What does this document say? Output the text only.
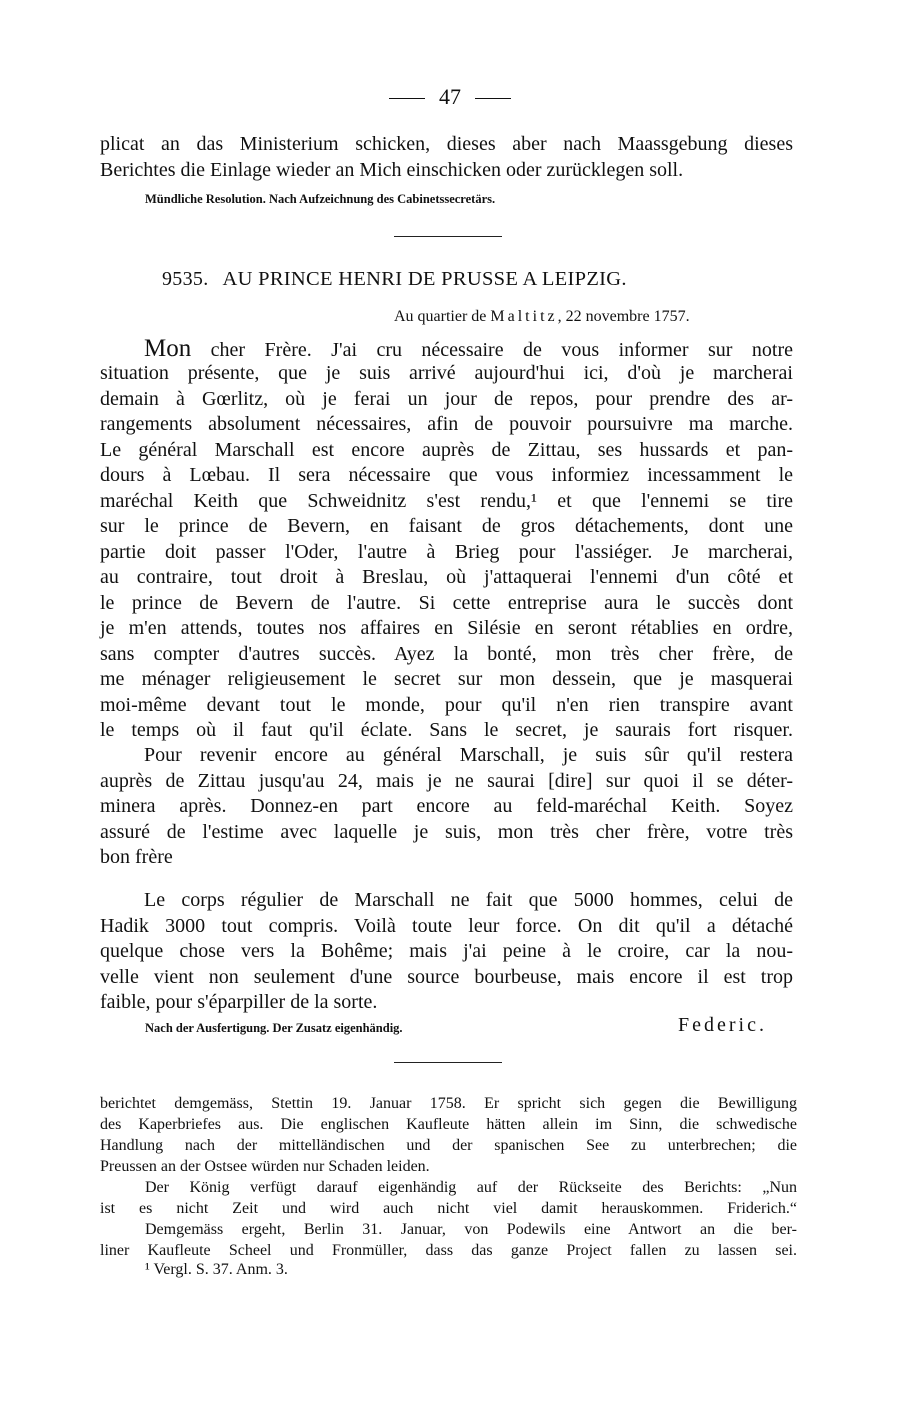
47
plicat an das Ministerium schicken, dieses aber nach Maassgebung dieses
Berichtes die Einlage wieder an Mich einschicken oder zurücklegen soll.
Mündliche Resolution. Nach Aufzeichnung des Cabinetssecretärs.
9535. AU PRINCE HENRI DE PRUSSE A LEIPZIG.
Au quartier de Maltitz, 22 novembre 1757.
Mon cher Frère. J'ai cru nécessaire de vous informer sur notre
situation présente, que je suis arrivé aujourd'hui ici, d'où je marcherai
demain à Gœrlitz, où je ferai un jour de repos, pour prendre des ar-
rangements absolument nécessaires, afin de pouvoir poursuivre ma marche.
Le général Marschall est encore auprès de Zittau, ses hussards et pan-
dours à Lœbau. Il sera nécessaire que vous informiez incessamment le
maréchal Keith que Schweidnitz s'est rendu,¹ et que l'ennemi se tire
sur le prince de Bevern, en faisant de gros détachements, dont une
partie doit passer l'Oder, l'autre à Brieg pour l'assiéger. Je marcherai,
au contraire, tout droit à Breslau, où j'attaquerai l'ennemi d'un côté et
le prince de Bevern de l'autre. Si cette entreprise aura le succès dont
je m'en attends, toutes nos affaires en Silésie en seront rétablies en ordre,
sans compter d'autres succès. Ayez la bonté, mon très cher frère, de
me ménager religieusement le secret sur mon dessein, que je masquerai
moi-même devant tout le monde, pour qu'il n'en rien transpire avant
le temps où il faut qu'il éclate. Sans le secret, je saurais fort risquer.
Pour revenir encore au général Marschall, je suis sûr qu'il restera
auprès de Zittau jusqu'au 24, mais je ne saurai [dire] sur quoi il se déter-
minera après. Donnez-en part encore au feld-maréchal Keith. Soyez
assuré de l'estime avec laquelle je suis, mon très cher frère, votre très
bon frère
Le corps régulier de Marschall ne fait que 5000 hommes, celui de
Hadik 3000 tout compris. Voilà toute leur force. On dit qu'il a détaché
quelque chose vers la Bohême; mais j'ai peine à le croire, car la nou-
velle vient non seulement d'une source bourbeuse, mais encore il est trop
faible, pour s'éparpiller de la sorte.
Nach der Ausfertigung. Der Zusatz eigenhändig.	Federic.
berichtet demgemäss, Stettin 19. Januar 1758. Er spricht sich gegen die Bewilligung
des Kaperbriefes aus. Die englischen Kaufleute hätten allein im Sinn, die schwedische
Handlung nach der mittelländischen und der spanischen See zu unterbrechen; die
Preussen an der Ostsee würden nur Schaden leiden.
Der König verfügt darauf eigenhändig auf der Rückseite des Berichts: „Nun
ist es nicht Zeit und wird auch nicht viel damit herauskommen. Friderich.“
Demgemäss ergeht, Berlin 31. Januar, von Podewils eine Antwort an die ber-
liner Kaufleute Scheel und Fronmüller, dass das ganze Project fallen zu lassen sei.
¹ Vergl. S. 37. Anm. 3.
